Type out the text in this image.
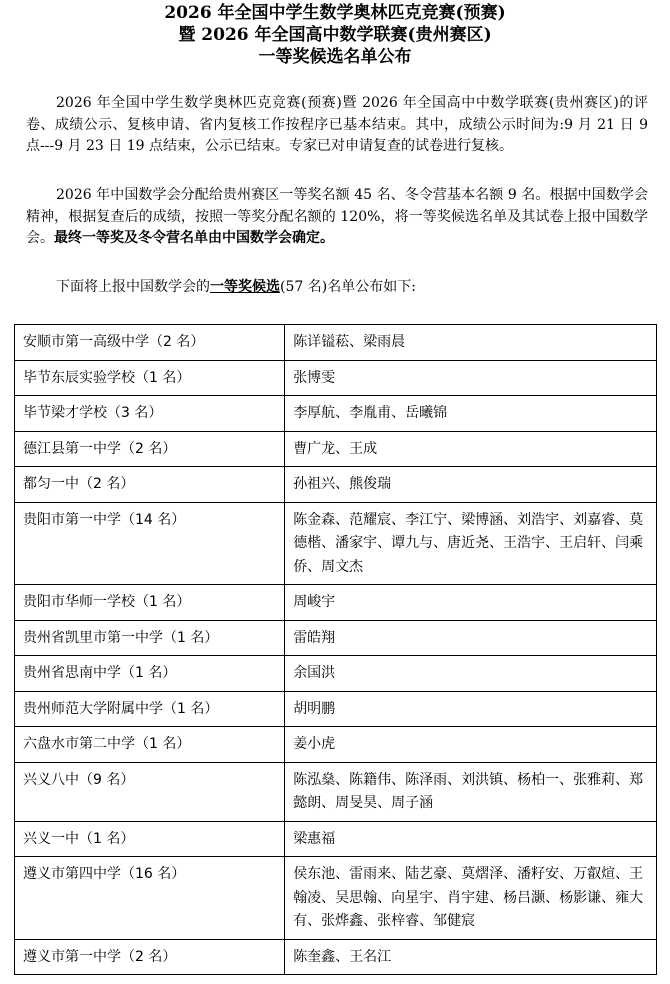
2026 年全国中学生数学奥林匹克竞赛(预赛)
暨 2026 年全国高中数学联赛(贵州赛区)
一等奖候选名单公布

2026 年全国中学生数学奥林匹克竞赛(预赛)暨 2026 年全国高中中数学联赛(贵州赛区)的评卷、成绩公示、复核申请、省内复核工作按程序已基本结束。其中，成绩公示时间为:9 月 21 日 9 点---9 月 23 日 19 点结束，公示已结束。专家已对申请复查的试卷进行复核。

2026 年中国数学会分配给贵州赛区一等奖名额 45 名、冬令营基本名额 9 名。根据中国数学会精神，根据复查后的成绩，按照一等奖分配名额的 120%，将一等奖候选名单及其试卷上报中国数学会。最终一等奖及冬令营名单由中国数学会确定。

下面将上报中国数学会的一等奖候选(57 名)名单公布如下:

安顺市第一高级中学（2 名）	陈详镒菘、梁雨晨
毕节东辰实验学校（1 名）	张博雯
毕节梁才学校（3 名）	李厚航、李胤甫、岳曦锦
德江县第一中学（2 名）	曹广龙、王成
都匀一中（2 名）	孙祖兴、熊俊瑞
贵阳市第一中学（14 名）	陈金森、范耀宸、李江宁、梁博涵、刘浩宇、刘嘉睿、莫德楷、潘家宇、谭九与、唐近尧、王浩宇、王启轩、闫乘侨、周文杰
贵阳市华师一学校（1 名）	周峻宇
贵州省凯里市第一中学（1 名）	雷皓翔
贵州省思南中学（1 名）	余国洪
贵州师范大学附属中学（1 名）	胡明鹏
六盘水市第二中学（1 名）	姜小虎
兴义八中（9 名）	陈泓燊、陈籍伟、陈泽雨、刘洪镇、杨柏一、张雅莉、郑懿朗、周旻昊、周子涵
兴义一中（1 名）	梁惠福
遵义市第四中学（16 名）	侯东池、雷雨来、陆艺豪、莫熠泽、潘籽安、万叡煊、王翰凌、吴思翰、向星宇、肖宇建、杨吕灏、杨影谦、雍大有、张烨鑫、张梓睿、邹健宸
遵义市第一中学（2 名）	陈奎鑫、王名江
